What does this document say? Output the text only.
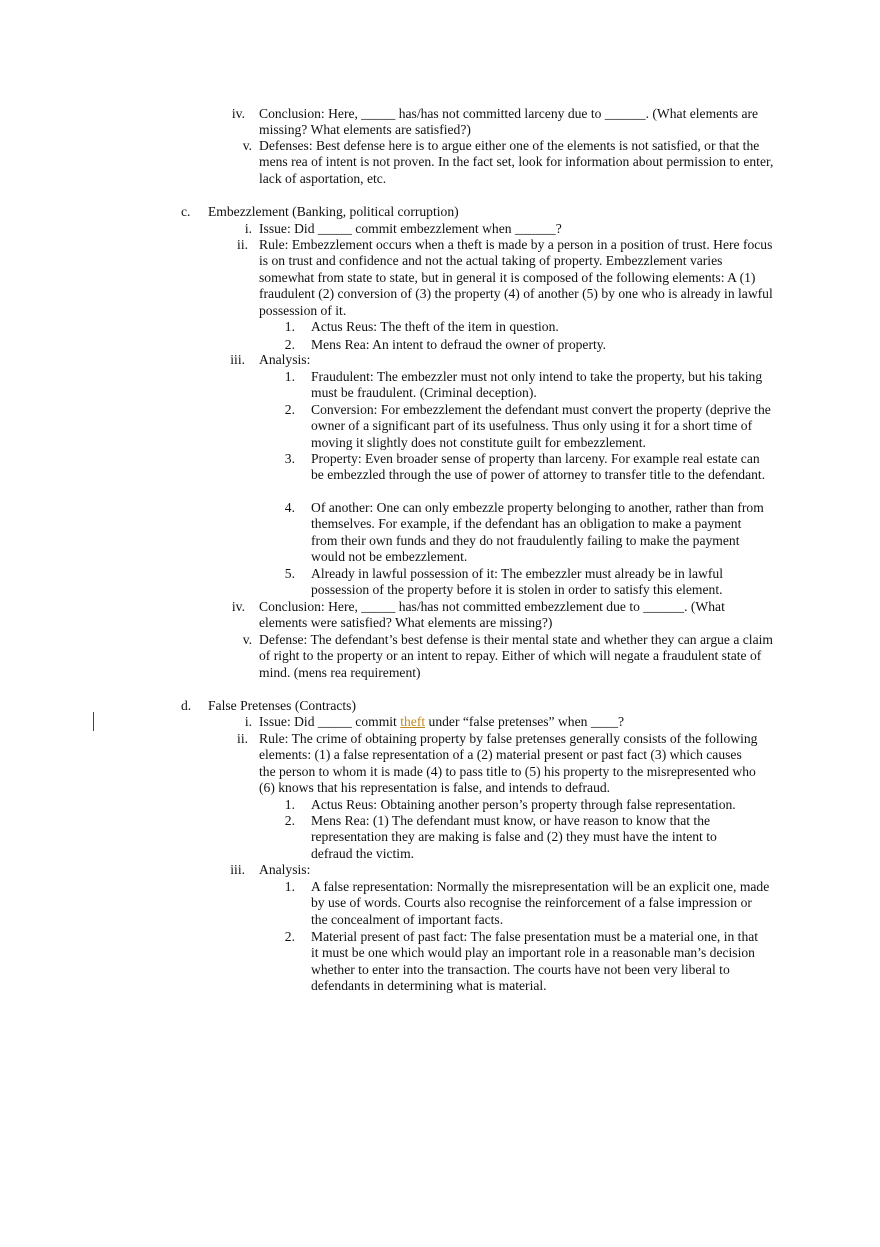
iv. Conclusion: Here, _____ has/has not committed larceny due to ______. (What elements are missing? What elements are satisfied?)
v. Defenses: Best defense here is to argue either one of the elements is not satisfied, or that the mens rea of intent is not proven. In the fact set, look for information about permission to enter, lack of asportation, etc.
c. Embezzlement (Banking, political corruption)
i. Issue: Did _____ commit embezzlement when ______?
ii. Rule: Embezzlement occurs when a theft is made by a person in a position of trust. Here focus is on trust and confidence and not the actual taking of property. Embezzlement varies somewhat from state to state, but in general it is composed of the following elements: A (1) fraudulent (2) conversion of (3) the property (4) of another (5) by one who is already in lawful possession of it.
1. Actus Reus: The theft of the item in question.
2. Mens Rea: An intent to defraud the owner of property.
iii. Analysis:
1. Fraudulent: The embezzler must not only intend to take the property, but his taking must be fraudulent. (Criminal deception).
2. Conversion: For embezzlement the defendant must convert the property (deprive the owner of a significant part of its usefulness. Thus only using it for a short time of moving it slightly does not constitute guilt for embezzlement.
3. Property: Even broader sense of property than larceny. For example real estate can be embezzled through the use of power of attorney to transfer title to the defendant.
4. Of another: One can only embezzle property belonging to another, rather than from themselves. For example, if the defendant has an obligation to make a payment from their own funds and they do not fraudulently failing to make the payment would not be embezzlement.
5. Already in lawful possession of it: The embezzler must already be in lawful possession of the property before it is stolen in order to satisfy this element.
iv. Conclusion: Here, _____ has/has not committed embezzlement due to ______. (What elements were satisfied? What elements are missing?)
v. Defense: The defendant’s best defense is their mental state and whether they can argue a claim of right to the property or an intent to repay. Either of which will negate a fraudulent state of mind. (mens rea requirement)
d. False Pretenses (Contracts)
i. Issue: Did _____ commit theft under “false pretenses” when ____?
ii. Rule: The crime of obtaining property by false pretenses generally consists of the following elements: (1) a false representation of a (2) material present or past fact (3) which causes the person to whom it is made (4) to pass title to (5) his property to the misrepresented who (6) knows that his representation is false, and intends to defraud.
1. Actus Reus: Obtaining another person’s property through false representation.
2. Mens Rea: (1) The defendant must know, or have reason to know that the representation they are making is false and (2) they must have the intent to defraud the victim.
iii. Analysis:
1. A false representation: Normally the misrepresentation will be an explicit one, made by use of words. Courts also recognise the reinforcement of a false impression or the concealment of important facts.
2. Material present of past fact: The false presentation must be a material one, in that it must be one which would play an important role in a reasonable man’s decision whether to enter into the transaction. The courts have not been very liberal to defendants in determining what is material.
